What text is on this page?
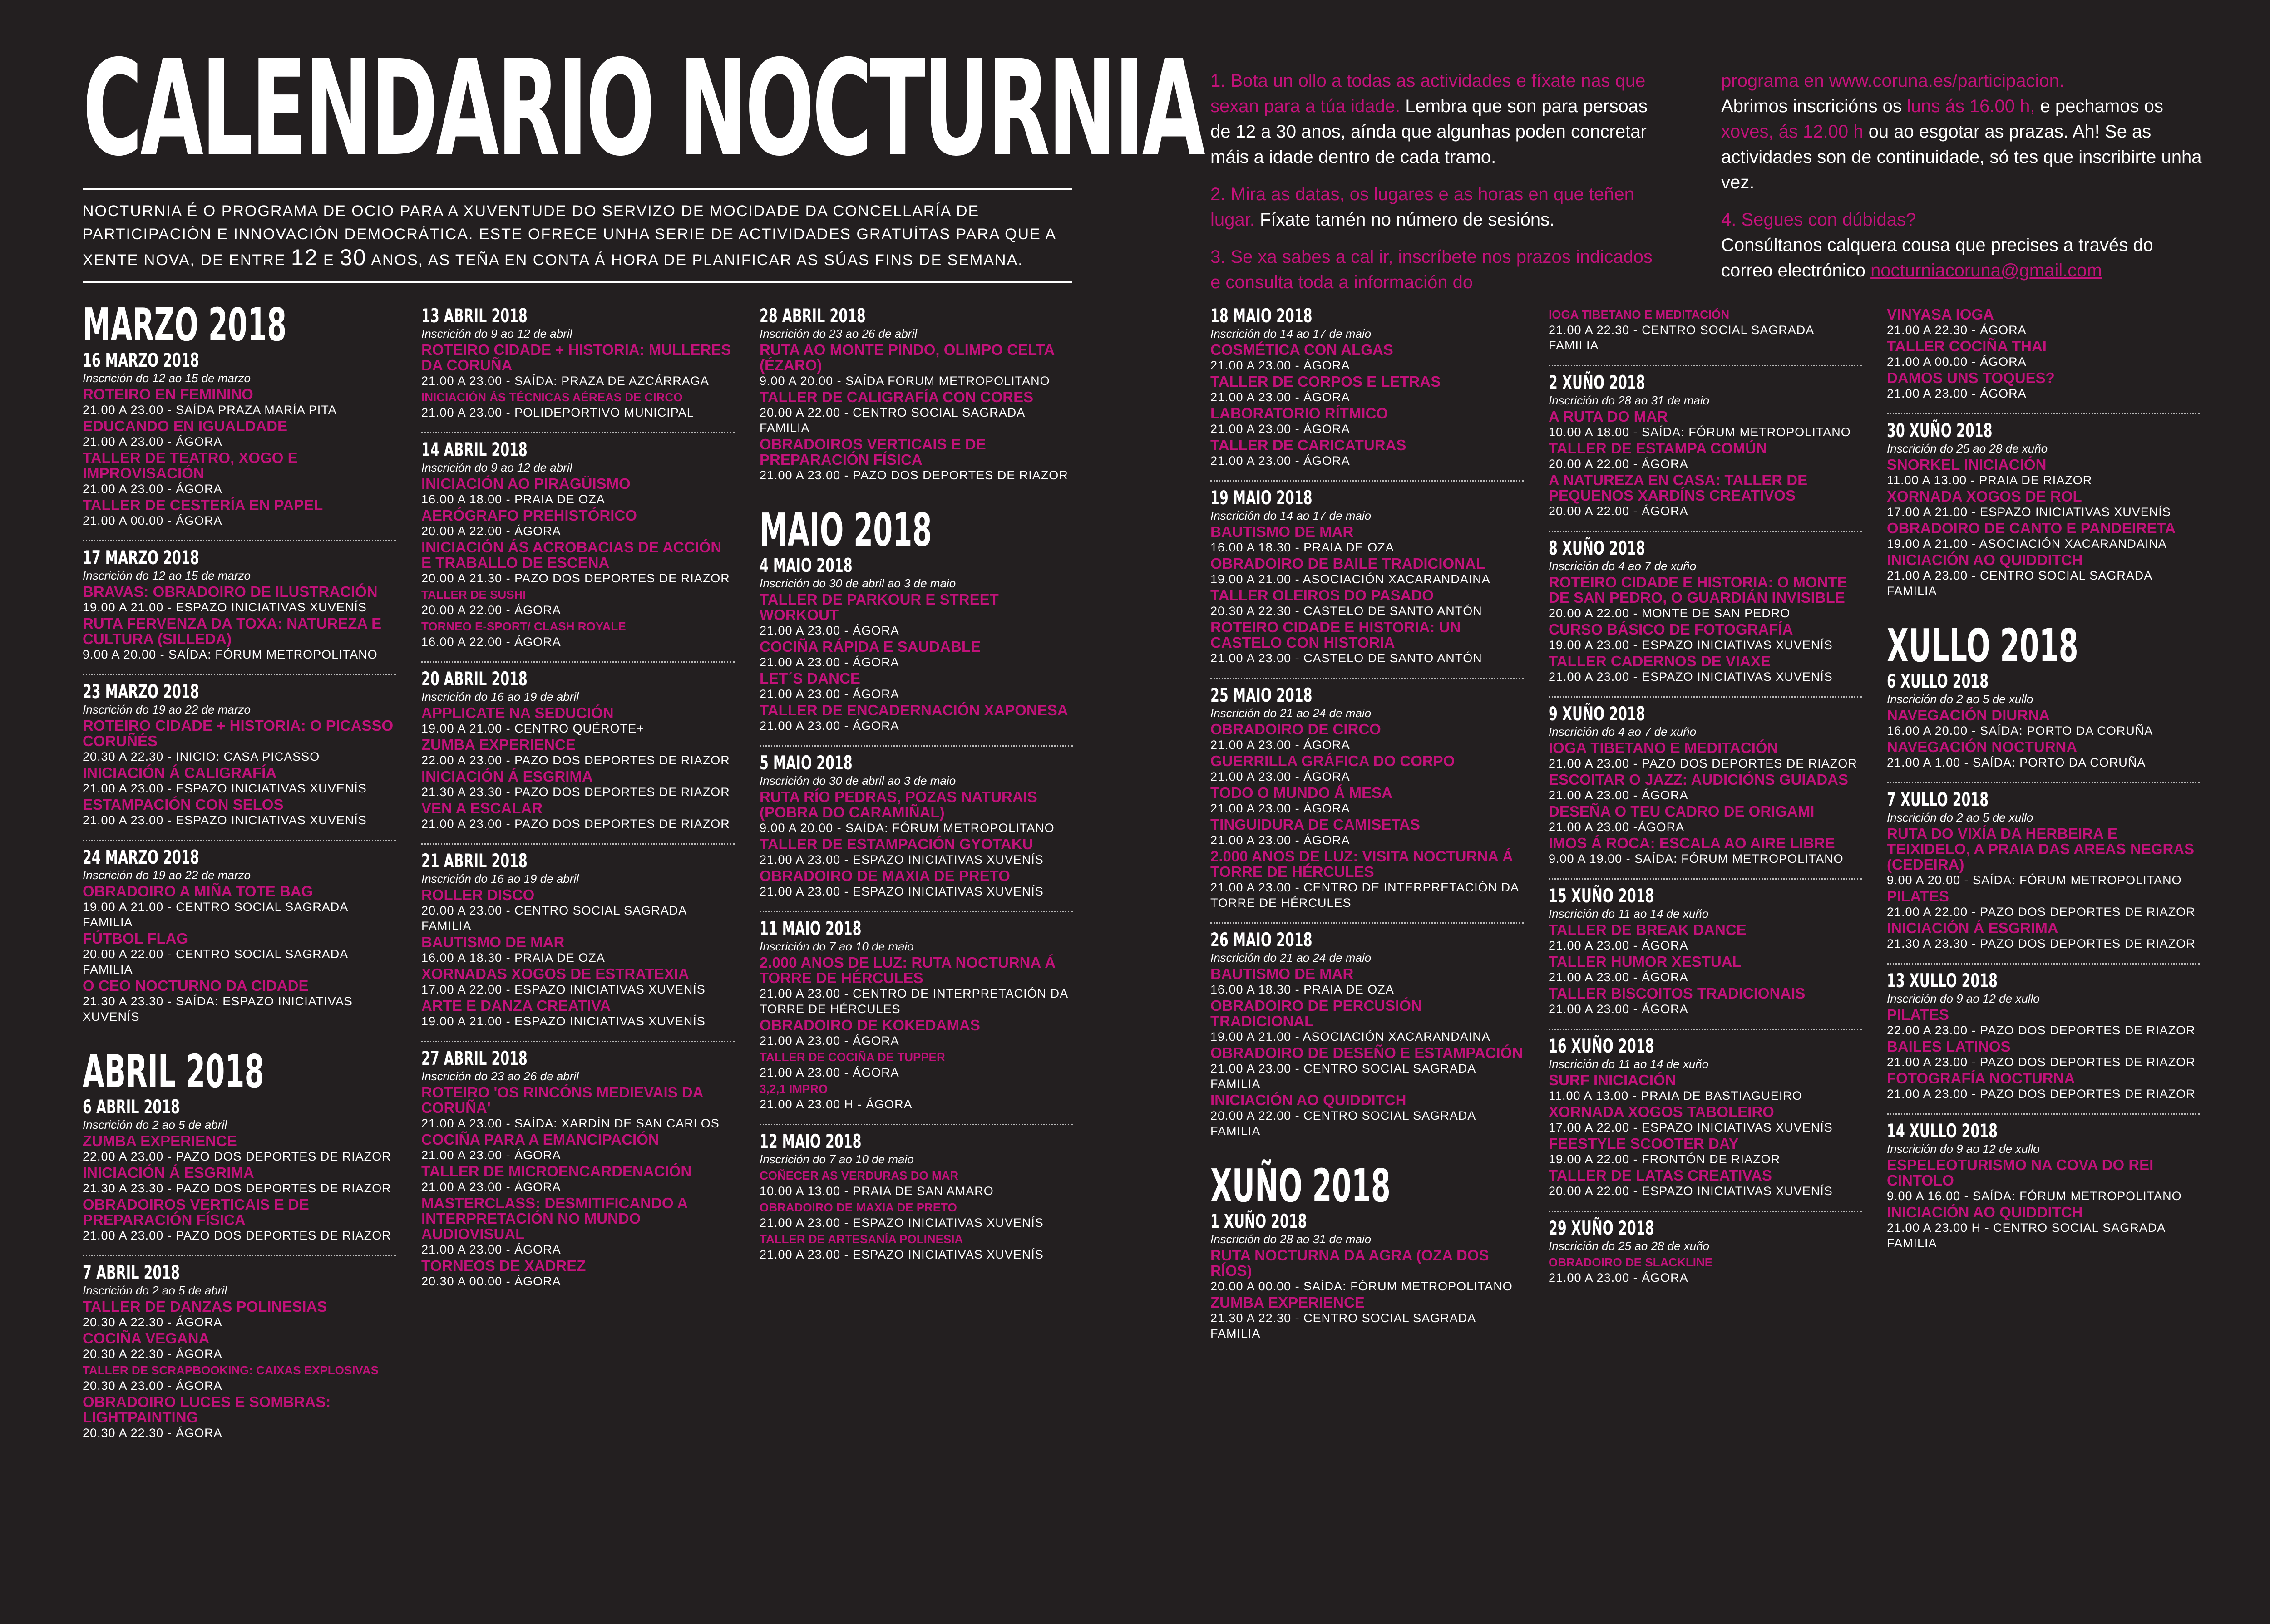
CALENDARIO NOCTURNIA
NOCTURNIA É O PROGRAMA DE OCIO PARA A XUVENTUDE DO SERVIZO DE MOCIDADE DA CONCELLARÍA DE PARTICIPACIÓN E INNOVACIÓN DEMOCRÁTICA. ESTE OFRECE UNHA SERIE DE ACTIVIDADES GRATUÍTAS PARA QUE A XENTE NOVA, DE ENTRE 12 E 30 ANOS, AS TEÑA EN CONTA Á HORA DE PLANIFICAR AS SÚAS FINS DE SEMANA.
MARZO 2018
16 MARZO 2018
Inscrición do 12 ao 15 de marzo
ROTEIRO EN FEMININO
21.00 A 23.00 - SAÍDA PRAZA MARÍA PITA
EDUCANDO EN IGUALDADE
21.00 A 23.00 - ÁGORA
TALLER DE TEATRO, XOGO E IMPROVISACIÓN
21.00 A 23.00 - ÁGORA
TALLER DE CESTERÍA EN PAPEL
21.00 A 00.00 - ÁGORA
17 MARZO 2018
Inscrición do 12 ao 15 de marzo
BRAVAS: OBRADOIRO DE ILUSTRACIÓN
19.00 A 21.00 - ESPAZO INICIATIVAS XUVENÍS
RUTA FERVENZA DA TOXA: NATUREZA E CULTURA (SILLEDA)
9.00 A 20.00 - SAÍDA: FÓRUM METROPOLITANO
23 MARZO 2018
Inscrición do 19 ao 22 de marzo
ROTEIRO CIDADE + HISTORIA: O PICASSO CORUÑÉS
20.30 A 22.30 - INICIO: CASA PICASSO
INICIACIÓN Á CALIGRAFÍA
21.00 A 23.00 - ESPAZO INICIATIVAS XUVENÍS
ESTAMPACIÓN CON SELOS
21.00 A 23.00 - ESPAZO INICIATIVAS XUVENÍS
24 MARZO 2018
Inscrición do 19 ao 22 de marzo
OBRADOIRO A MIÑA TOTE BAG
19.00 A 21.00 - CENTRO SOCIAL SAGRADA FAMILIA
FÚTBOL FLAG
20.00 A 22.00 - CENTRO SOCIAL SAGRADA FAMILIA
O CEO NOCTURNO DA CIDADE
21.30 A 23.30 - SAÍDA: ESPAZO INICIATIVAS XUVENÍS
ABRIL 2018
6 ABRIL 2018
Inscrición do 2 ao 5 de abril
ZUMBA EXPERIENCE
22.00 A 23.00 - PAZO DOS DEPORTES DE RIAZOR
INICIACIÓN Á ESGRIMA
21.30 A 23.30 - PAZO DOS DEPORTES DE RIAZOR
OBRADOIROS VERTICAIS E DE PREPARACIÓN FÍSICA
21.00 A 23.00 - PAZO DOS DEPORTES DE RIAZOR
7 ABRIL 2018
Inscrición do 2 ao 5 de abril
TALLER DE DANZAS POLINESIAS
20.30 A 22.30 - ÁGORA
COCIÑA VEGANA
20.30 A 22.30 - ÁGORA
TALLER DE SCRAPBOOKING: CAIXAS EXPLOSIVAS
20.30 A 23.00 - ÁGORA
OBRADOIRO LUCES E SOMBRAS: LIGHTPAINTING
20.30 A 22.30 - ÁGORA
13 ABRIL 2018
Inscrición do 9 ao 12 de abril
ROTEIRO CIDADE + HISTORIA: MULLERES DA CORUÑA
21.00 A 23.00 - SAÍDA: PRAZA DE AZCÁRRAGA
INICIACIÓN ÁS TÉCNICAS AÉREAS DE CIRCO
21.00 A 23.00 - POLIDEPORTIVO MUNICIPAL
14 ABRIL 2018
Inscrición do 9 ao 12 de abril
INICIACIÓN AO PIRAGÜISMO
16.00 A 18.00 - PRAIA DE OZA
AERÓGRAFO PREHISTÓRICO
20.00 A 22.00 - ÁGORA
INICIACIÓN ÁS ACROBACIAS DE ACCIÓN E TRABALLO DE ESCENA
20.00 A 21.30 - PAZO DOS DEPORTES DE RIAZOR
TALLER DE SUSHI
20.00 A 22.00 - ÁGORA
TORNEO E-SPORT/ CLASH ROYALE
16.00 A 22.00 - ÁGORA
20 ABRIL 2018
Inscrición do 16 ao 19 de abril
APPLICATE NA SEDUCIÓN
19.00 A 21.00 - CENTRO QUÉROTE+
ZUMBA EXPERIENCE
22.00 A 23.00 - PAZO DOS DEPORTES DE RIAZOR
INICIACIÓN Á ESGRIMA
21.30 A 23.30 - PAZO DOS DEPORTES DE RIAZOR
VEN A ESCALAR
21.00 A 23.00 - PAZO DOS DEPORTES DE RIAZOR
21 ABRIL 2018
Inscrición do 16 ao 19 de abril
ROLLER DISCO
20.00 A 23.00 - CENTRO SOCIAL SAGRADA FAMILIA
BAUTISMO DE MAR
16.00 A 18.30 - PRAIA DE OZA
XORNADAS XOGOS DE ESTRATEXIA
17.00 A 22.00 - ESPAZO INICIATIVAS XUVENÍS
ARTE E DANZA CREATIVA
19.00 A 21.00 - ESPAZO INICIATIVAS XUVENÍS
27 ABRIL 2018
Inscrición do 23 ao 26 de abril
ROTEIRO 'OS RINCÓNS MEDIEVAIS DA CORUÑA'
21.00 A 23.00 - SAÍDA: XARDÍN DE SAN CARLOS
COCIÑA PARA A EMANCIPACIÓN
21.00 A 23.00 - ÁGORA
TALLER DE MICROENCARDENACIÓN
21.00 A 23.00 - ÁGORA
MASTERCLASS: DESMITIFICANDO A INTERPRETACIÓN NO MUNDO AUDIOVISUAL
21.00 A 23.00 - ÁGORA
TORNEOS DE XADREZ
20.30 A 00.00 - ÁGORA
28 ABRIL 2018
Inscrición do 23 ao 26 de abril
RUTA AO MONTE PINDO, OLIMPO CELTA (ÉZARO)
9.00 A 20.00 - SAÍDA FORUM METROPOLITANO
TALLER DE CALIGRAFÍA CON CORES
20.00 A 22.00 - CENTRO SOCIAL SAGRADA FAMILIA
OBRADOIROS VERTICAIS E DE PREPARACIÓN FÍSICA
21.00 A 23.00 - PAZO DOS DEPORTES DE RIAZOR
MAIO 2018
4 MAIO 2018
Inscrición do 30 de abril ao 3 de maio
TALLER DE PARKOUR E STREET WORKOUT
21.00 A 23.00 - ÁGORA
COCIÑA RÁPIDA E SAUDABLE
21.00 A 23.00 - ÁGORA
LET´S DANCE
21.00 A 23.00 - ÁGORA
TALLER DE ENCADERNACIÓN XAPONESA
21.00 A 23.00 - ÁGORA
5 MAIO 2018
Inscrición do 30 de abril ao 3 de maio
RUTA RÍO PEDRAS, POZAS NATURAIS (POBRA DO CARAMIÑAL)
9.00 A 20.00 - SAÍDA: FÓRUM METROPOLITANO
TALLER DE ESTAMPACIÓN GYOTAKU
21.00 A 23.00 - ESPAZO INICIATIVAS XUVENÍS
OBRADOIRO DE MAXIA DE PRETO
21.00 A 23.00 - ESPAZO INICIATIVAS XUVENÍS
11 MAIO 2018
Inscrición do 7 ao 10 de maio
2.000 ANOS DE LUZ: RUTA NOCTURNA Á TORRE DE HÉRCULES
21.00 A 23.00 - CENTRO DE INTERPRETACIÓN DA TORRE DE HÉRCULES
OBRADOIRO DE KOKEDAMAS
21.00 A 23.00 - ÁGORA
TALLER DE COCIÑA DE TUPPER
21.00 A 23.00 - ÁGORA
3,2,1 IMPRO
21.00 A 23.00 H - ÁGORA
12 MAIO 2018
Inscrición do 7 ao 10 de maio
COÑECER AS VERDURAS DO MAR
10.00 A 13.00 - PRAIA DE SAN AMARO
OBRADOIRO DE MAXIA DE PRETO
21.00 A 23.00 - ESPAZO INICIATIVAS XUVENÍS
TALLER DE ARTESANÍA POLINESIA
21.00 A 23.00 - ESPAZO INICIATIVAS XUVENÍS

1. Bota un ollo a todas as actividades e fíxate nas que sexan para a túa idade. Lembra que son para persoas de 12 a 30 anos, aínda que algunhas poden concretar máis a idade dentro de cada tramo.

2. Mira as datas, os lugares e as horas en que teñen lugar. Fíxate tamén no número de sesións.

3. Se xa sabes a cal ir, inscríbete nos prazos indicados e consulta toda a información do

programa en www.coruna.es/participacion.
Abrimos inscricións os luns ás 16.00 h, e pechamos os xoves, ás 12.00 h ou ao esgotar as prazas. Ah! Se as actividades son de continuidade, só tes que inscribirte unha vez.

4. Segues con dúbidas?
Consúltanos calquera cousa que precises a través do correo electrónico nocturniacoruna@gmail.com

18 MAIO 2018
Inscrición do 14 ao 17 de maio
COSMÉTICA CON ALGAS
21.00 A 23.00 - ÁGORA
TALLER DE CORPOS E LETRAS
21.00 A 23.00 - ÁGORA
LABORATORIO RÍTMICO
21.00 A 23.00 - ÁGORA
TALLER DE CARICATURAS
21.00 A 23.00 - ÁGORA
19 MAIO 2018
Inscrición do 14 ao 17 de maio
BAUTISMO DE MAR
16.00 A 18.30 - PRAIA DE OZA
OBRADOIRO DE BAILE TRADICIONAL
19.00 A 21.00 - ASOCIACIÓN XACARANDAINA
TALLER OLEIROS DO PASADO
20.30 A 22.30 - CASTELO DE SANTO ANTÓN
ROTEIRO CIDADE E HISTORIA: UN CASTELO CON HISTORIA
21.00 A 23.00 - CASTELO DE SANTO ANTÓN
25 MAIO 2018
Inscrición do 21 ao 24 de maio
OBRADOIRO DE CIRCO
21.00 A 23.00 - ÁGORA
GUERRILLA GRÁFICA DO CORPO
21.00 A 23.00 - ÁGORA
TODO O MUNDO Á MESA
21.00 A 23.00 - ÁGORA
TINGUIDURA DE CAMISETAS
21.00 A 23.00 - ÁGORA
2.000 ANOS DE LUZ: VISITA NOCTURNA Á TORRE DE HÉRCULES
21.00 A 23.00 - CENTRO DE INTERPRETACIÓN DA TORRE DE HÉRCULES
26 MAIO 2018
Inscrición do 21 ao 24 de maio
BAUTISMO DE MAR
16.00 A 18.30 - PRAIA DE OZA
OBRADOIRO DE PERCUSIÓN TRADICIONAL
19.00 A 21.00 - ASOCIACIÓN XACARANDAINA
OBRADOIRO DE DESEÑO E ESTAMPACIÓN
21.00 A 23.00 - CENTRO SOCIAL SAGRADA FAMILIA
INICIACIÓN AO QUIDDITCH
20.00 A 22.00 - CENTRO SOCIAL SAGRADA FAMILIA
XUÑO 2018
1 XUÑO 2018
Inscrición do 28 ao 31 de maio
RUTA NOCTURNA DA AGRA (OZA DOS RÍOS)
20.00 A 00.00 - SAÍDA: FÓRUM METROPOLITANO
ZUMBA EXPERIENCE
21.30 A 22.30 - CENTRO SOCIAL SAGRADA FAMILIA
IOGA TIBETANO E MEDITACIÓN
21.00 A 22.30 - CENTRO SOCIAL SAGRADA FAMILIA
2 XUÑO 2018
Inscrición do 28 ao 31 de maio
A RUTA DO MAR
10.00 A 18.00 - SAÍDA: FÓRUM METROPOLITANO
TALLER DE ESTAMPA COMÚN
20.00 A 22.00 - ÁGORA
A NATUREZA EN CASA: TALLER DE PEQUENOS XARDÍNS CREATIVOS
20.00 A 22.00 - ÁGORA
8 XUÑO 2018
Inscrición do 4 ao 7 de xuño
ROTEIRO CIDADE E HISTORIA: O MONTE DE SAN PEDRO, O GUARDIÁN INVISIBLE
20.00 A 22.00 - MONTE DE SAN PEDRO
CURSO BÁSICO DE FOTOGRAFÍA
19.00 A 23.00 - ESPAZO INICIATIVAS XUVENÍS
TALLER CADERNOS DE VIAXE
21.00 A 23.00 - ESPAZO INICIATIVAS XUVENÍS
9 XUÑO 2018
Inscrición do 4 ao 7 de xuño
IOGA TIBETANO E MEDITACIÓN
21.00 A 23.00 - PAZO DOS DEPORTES DE RIAZOR
ESCOITAR O JAZZ: AUDICIÓNS GUIADAS
21.00 A 23.00 - ÁGORA
DESEÑA O TEU CADRO DE ORIGAMI
21.00 A 23.00 -ÁGORA
IMOS Á ROCA: ESCALA AO AIRE LIBRE
9.00 A 19.00 - SAÍDA: FÓRUM METROPOLITANO
15 XUÑO 2018
Inscrición do 11 ao 14 de xuño
TALLER DE BREAK DANCE
21.00 A 23.00 - ÁGORA
TALLER HUMOR XESTUAL
21.00 A 23.00 - ÁGORA
TALLER BISCOITOS TRADICIONAIS
21.00 A 23.00 - ÁGORA
16 XUÑO 2018
Inscrición do 11 ao 14 de xuño
SURF INICIACIÓN
11.00 A 13.00 - PRAIA DE BASTIAGUEIRO
XORNADA XOGOS TABOLEIRO
17.00 A 22.00 - ESPAZO INICIATIVAS XUVENÍS
FEESTYLE SCOOTER DAY
19.00 A 22.00 - FRONTÓN DE RIAZOR
TALLER DE LATAS CREATIVAS
20.00 A 22.00 - ESPAZO INICIATIVAS XUVENÍS
29 XUÑO 2018
Inscrición do 25 ao 28 de xuño
OBRADOIRO DE SLACKLINE
21.00 A 23.00 - ÁGORA
VINYASA IOGA
21.00 A 22.30 - ÁGORA
TALLER COCIÑA THAI
21.00 A 00.00 - ÁGORA
DAMOS UNS TOQUES?
21.00 A 23.00 - ÁGORA
30 XUÑO 2018
Inscrición do 25 ao 28 de xuño
SNORKEL INICIACIÓN
11.00 A 13.00 - PRAIA DE RIAZOR
XORNADA XOGOS DE ROL
17.00 A 21.00 - ESPAZO INICIATIVAS XUVENÍS
OBRADOIRO DE CANTO E PANDEIRETA
19.00 A 21.00 - ASOCIACIÓN XACARANDAINA
INICIACIÓN AO QUIDDITCH
21.00 A 23.00 - CENTRO SOCIAL SAGRADA FAMILIA
XULLO 2018
6 XULLO 2018
Inscrición do 2 ao 5 de xullo
NAVEGACIÓN DIURNA
16.00 A 20.00 - SAÍDA: PORTO DA CORUÑA
NAVEGACIÓN NOCTURNA
21.00 A 1.00 - SAÍDA: PORTO DA CORUÑA
7 XULLO 2018
Inscrición do 2 ao 5 de xullo
RUTA DO VIXÍA DA HERBEIRA E TEIXIDELO, A PRAIA DAS AREAS NEGRAS (CEDEIRA)
9.00 A 20.00 - SAÍDA: FÓRUM METROPOLITANO
PILATES
21.00 A 22.00 - PAZO DOS DEPORTES DE RIAZOR
INICIACIÓN Á ESGRIMA
21.30 A 23.30 - PAZO DOS DEPORTES DE RIAZOR
13 XULLO 2018
Inscrición do 9 ao 12 de xullo
PILATES
22.00 A 23.00 - PAZO DOS DEPORTES DE RIAZOR
BAILES LATINOS
21.00 A 23.00 - PAZO DOS DEPORTES DE RIAZOR
FOTOGRAFÍA NOCTURNA
21.00 A 23.00 - PAZO DOS DEPORTES DE RIAZOR
14 XULLO 2018
Inscrición do 9 ao 12 de xullo
ESPELEOTURISMO NA COVA DO REI CINTOLO
9.00 A 16.00 - SAÍDA: FÓRUM METROPOLITANO
INICIACIÓN AO QUIDDITCH
21.00 A 23.00 H - CENTRO SOCIAL SAGRADA FAMILIA
